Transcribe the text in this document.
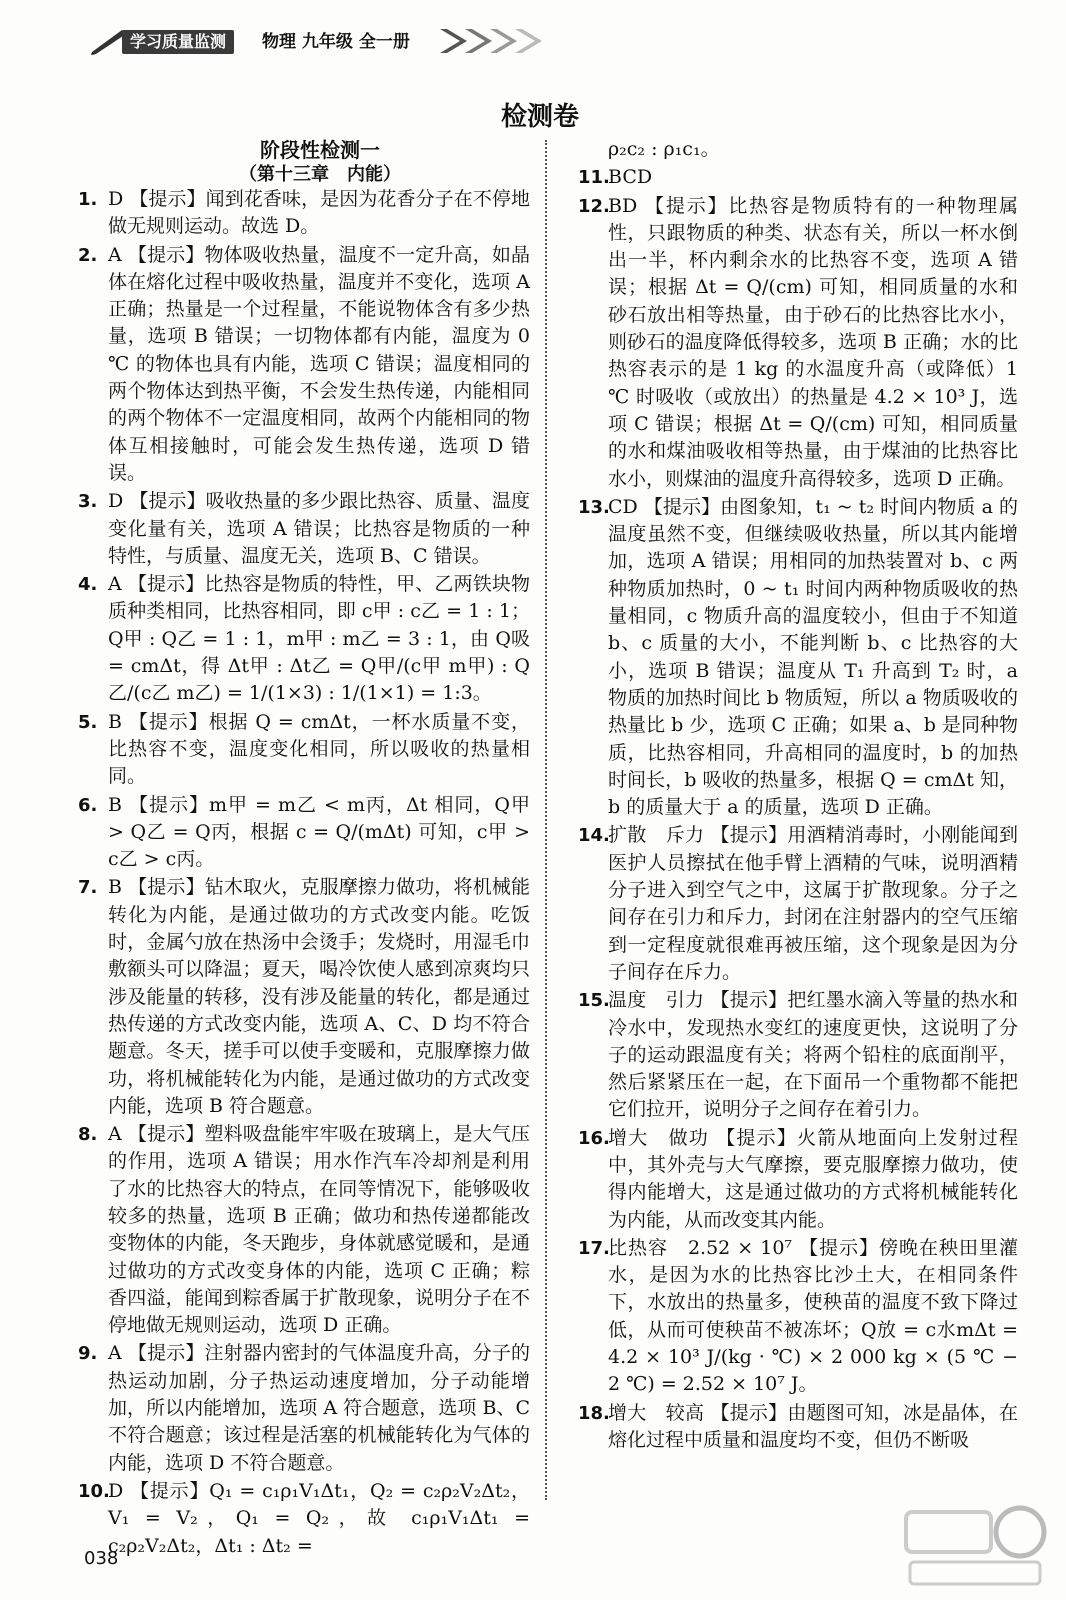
学习质量监测	物理 九年级 全一册
检测卷
阶段性检测一
（第十三章　内能）
1. D 【提示】闻到花香味，是因为花香分子在不停地做无规则运动。故选 D。
2. A 【提示】物体吸收热量，温度不一定升高，如晶体在熔化过程中吸收热量，温度并不变化，选项 A 正确；热量是一个过程量，不能说物体含有多少热量，选项 B 错误；一切物体都有内能，温度为 0 ℃ 的物体也具有内能，选项 C 错误；温度相同的两个物体达到热平衡，不会发生热传递，内能相同的两个物体不一定温度相同，故两个内能相同的物体互相接触时，可能会发生热传递，选项 D 错误。
3. D 【提示】吸收热量的多少跟比热容、质量、温度变化量有关，选项 A 错误；比热容是物质的一种特性，与质量、温度无关，选项 B、C 错误。
4. A 【提示】比热容是物质的特性，甲、乙两铁块物质种类相同，比热容相同，即 c甲 : c乙 = 1 : 1；Q甲 : Q乙 = 1 : 1，m甲 : m乙 = 3 : 1，由 Q吸 = cmΔt，得 Δt甲 : Δt乙 = Q甲/(c甲 m甲) : Q乙/(c乙 m乙) = 1/(1×3) : 1/(1×1) = 1:3。
5. B 【提示】根据 Q = cmΔt，一杯水质量不变，比热容不变，温度变化相同，所以吸收的热量相同。
6. B 【提示】m甲 = m乙 < m丙，Δt 相同，Q甲 > Q乙 = Q丙，根据 c = Q/(mΔt) 可知，c甲 > c乙 > c丙。
7. B 【提示】钻木取火，克服摩擦力做功，将机械能转化为内能，是通过做功的方式改变内能。吃饭时，金属勺放在热汤中会烫手；发烧时，用湿毛巾敷额头可以降温；夏天，喝冷饮使人感到凉爽均只涉及能量的转移，没有涉及能量的转化，都是通过热传递的方式改变内能，选项 A、C、D 均不符合题意。冬天，搓手可以使手变暖和，克服摩擦力做功，将机械能转化为内能，是通过做功的方式改变内能，选项 B 符合题意。
8. A 【提示】塑料吸盘能牢牢吸在玻璃上，是大气压的作用，选项 A 错误；用水作汽车冷却剂是利用了水的比热容大的特点，在同等情况下，能够吸收较多的热量，选项 B 正确；做功和热传递都能改变物体的内能，冬天跑步，身体就感觉暖和，是通过做功的方式改变身体的内能，选项 C 正确；粽香四溢，能闻到粽香属于扩散现象，说明分子在不停地做无规则运动，选项 D 正确。
9. A 【提示】注射器内密封的气体温度升高，分子的热运动加剧，分子热运动速度增加，分子动能增加，所以内能增加，选项 A 符合题意，选项 B、C 不符合题意；该过程是活塞的机械能转化为气体的内能，选项 D 不符合题意。
10.
D 【提示】Q₁ = c₁ρ₁V₁Δt₁，Q₂ = c₂ρ₂V₂Δt₂，V₁ = V₂，Q₁ = Q₂，故 c₁ρ₁V₁Δt₁ = c₂ρ₂V₂Δt₂，Δt₁ : Δt₂ =
ρ₂c₂ : ρ₁c₁。
11.
BCD
12.
BD 【提示】比热容是物质特有的一种物理属性，只跟物质的种类、状态有关，所以一杯水倒出一半，杯内剩余水的比热容不变，选项 A 错误；根据 Δt = Q/(cm) 可知，相同质量的水和砂石放出相等热量，由于砂石的比热容比水小，则砂石的温度降低得较多，选项 B 正确；水的比热容表示的是 1 kg 的水温度升高（或降低）1 ℃ 时吸收（或放出）的热量是 4.2 × 10³ J，选项 C 错误；根据 Δt = Q/(cm) 可知，相同质量的水和煤油吸收相等热量，由于煤油的比热容比水小，则煤油的温度升高得较多，选项 D 正确。
13.
CD 【提示】由图象知，t₁ ~ t₂ 时间内物质 a 的温度虽然不变，但继续吸收热量，所以其内能增加，选项 A 错误；用相同的加热装置对 b、c 两种物质加热时，0 ~ t₁ 时间内两种物质吸收的热量相同，c 物质升高的温度较小，但由于不知道 b、c 质量的大小，不能判断 b、c 比热容的大小，选项 B 错误；温度从 T₁ 升高到 T₂ 时，a 物质的加热时间比 b 物质短，所以 a 物质吸收的热量比 b 少，选项 C 正确；如果 a、b 是同种物质，比热容相同，升高相同的温度时，b 的加热时间长，b 吸收的热量多，根据 Q = cmΔt 知，b 的质量大于 a 的质量，选项 D 正确。
14.
扩散　斥力 【提示】用酒精消毒时，小刚能闻到医护人员擦拭在他手臂上酒精的气味，说明酒精分子进入到空气之中，这属于扩散现象。分子之间存在引力和斥力，封闭在注射器内的空气压缩到一定程度就很难再被压缩，这个现象是因为分子间存在斥力。
15.
温度　引力 【提示】把红墨水滴入等量的热水和冷水中，发现热水变红的速度更快，这说明了分子的运动跟温度有关；将两个铅柱的底面削平，然后紧紧压在一起，在下面吊一个重物都不能把它们拉开，说明分子之间存在着引力。
16.
增大　做功 【提示】火箭从地面向上发射过程中，其外壳与大气摩擦，要克服摩擦力做功，使得内能增大，这是通过做功的方式将机械能转化为内能，从而改变其内能。
17.
比热容　2.52 × 10⁷ 【提示】傍晚在秧田里灌水，是因为水的比热容比沙土大，在相同条件下，水放出的热量多，使秧苗的温度不致下降过低，从而可使秧苗不被冻坏；Q放 = c水mΔt = 4.2 × 10³ J/(kg · ℃) × 2 000 kg × (5 ℃ − 2 ℃) = 2.52 × 10⁷ J。
18.
增大　较高 【提示】由题图可知，冰是晶体，在熔化过程中质量和温度均不变，但仍不断吸
038
